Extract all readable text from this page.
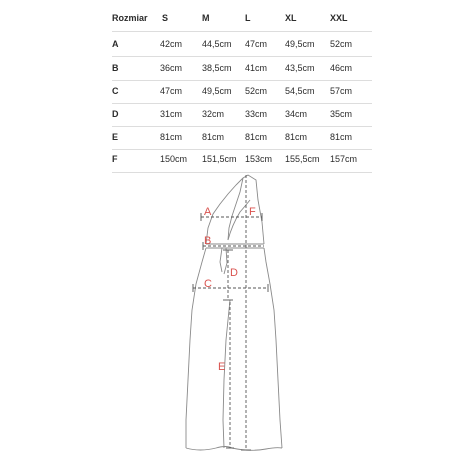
Rozmiar S	M	L	XL	XXL
A	42cm 44,5cm 47cm 49,5cm 52cm
B	36cm 38,5cm 41cm 43,5cm 46cm
C	47cm 49,5cm 52cm 54,5cm 57cm
D	31cm 32cm 33cm 34cm	35cm
E	81cm 81cm 81cm 81cm	81cm
F	150cm 151,5cm 153cm 155,5cm 157cm
A
B
C
D
E
F
